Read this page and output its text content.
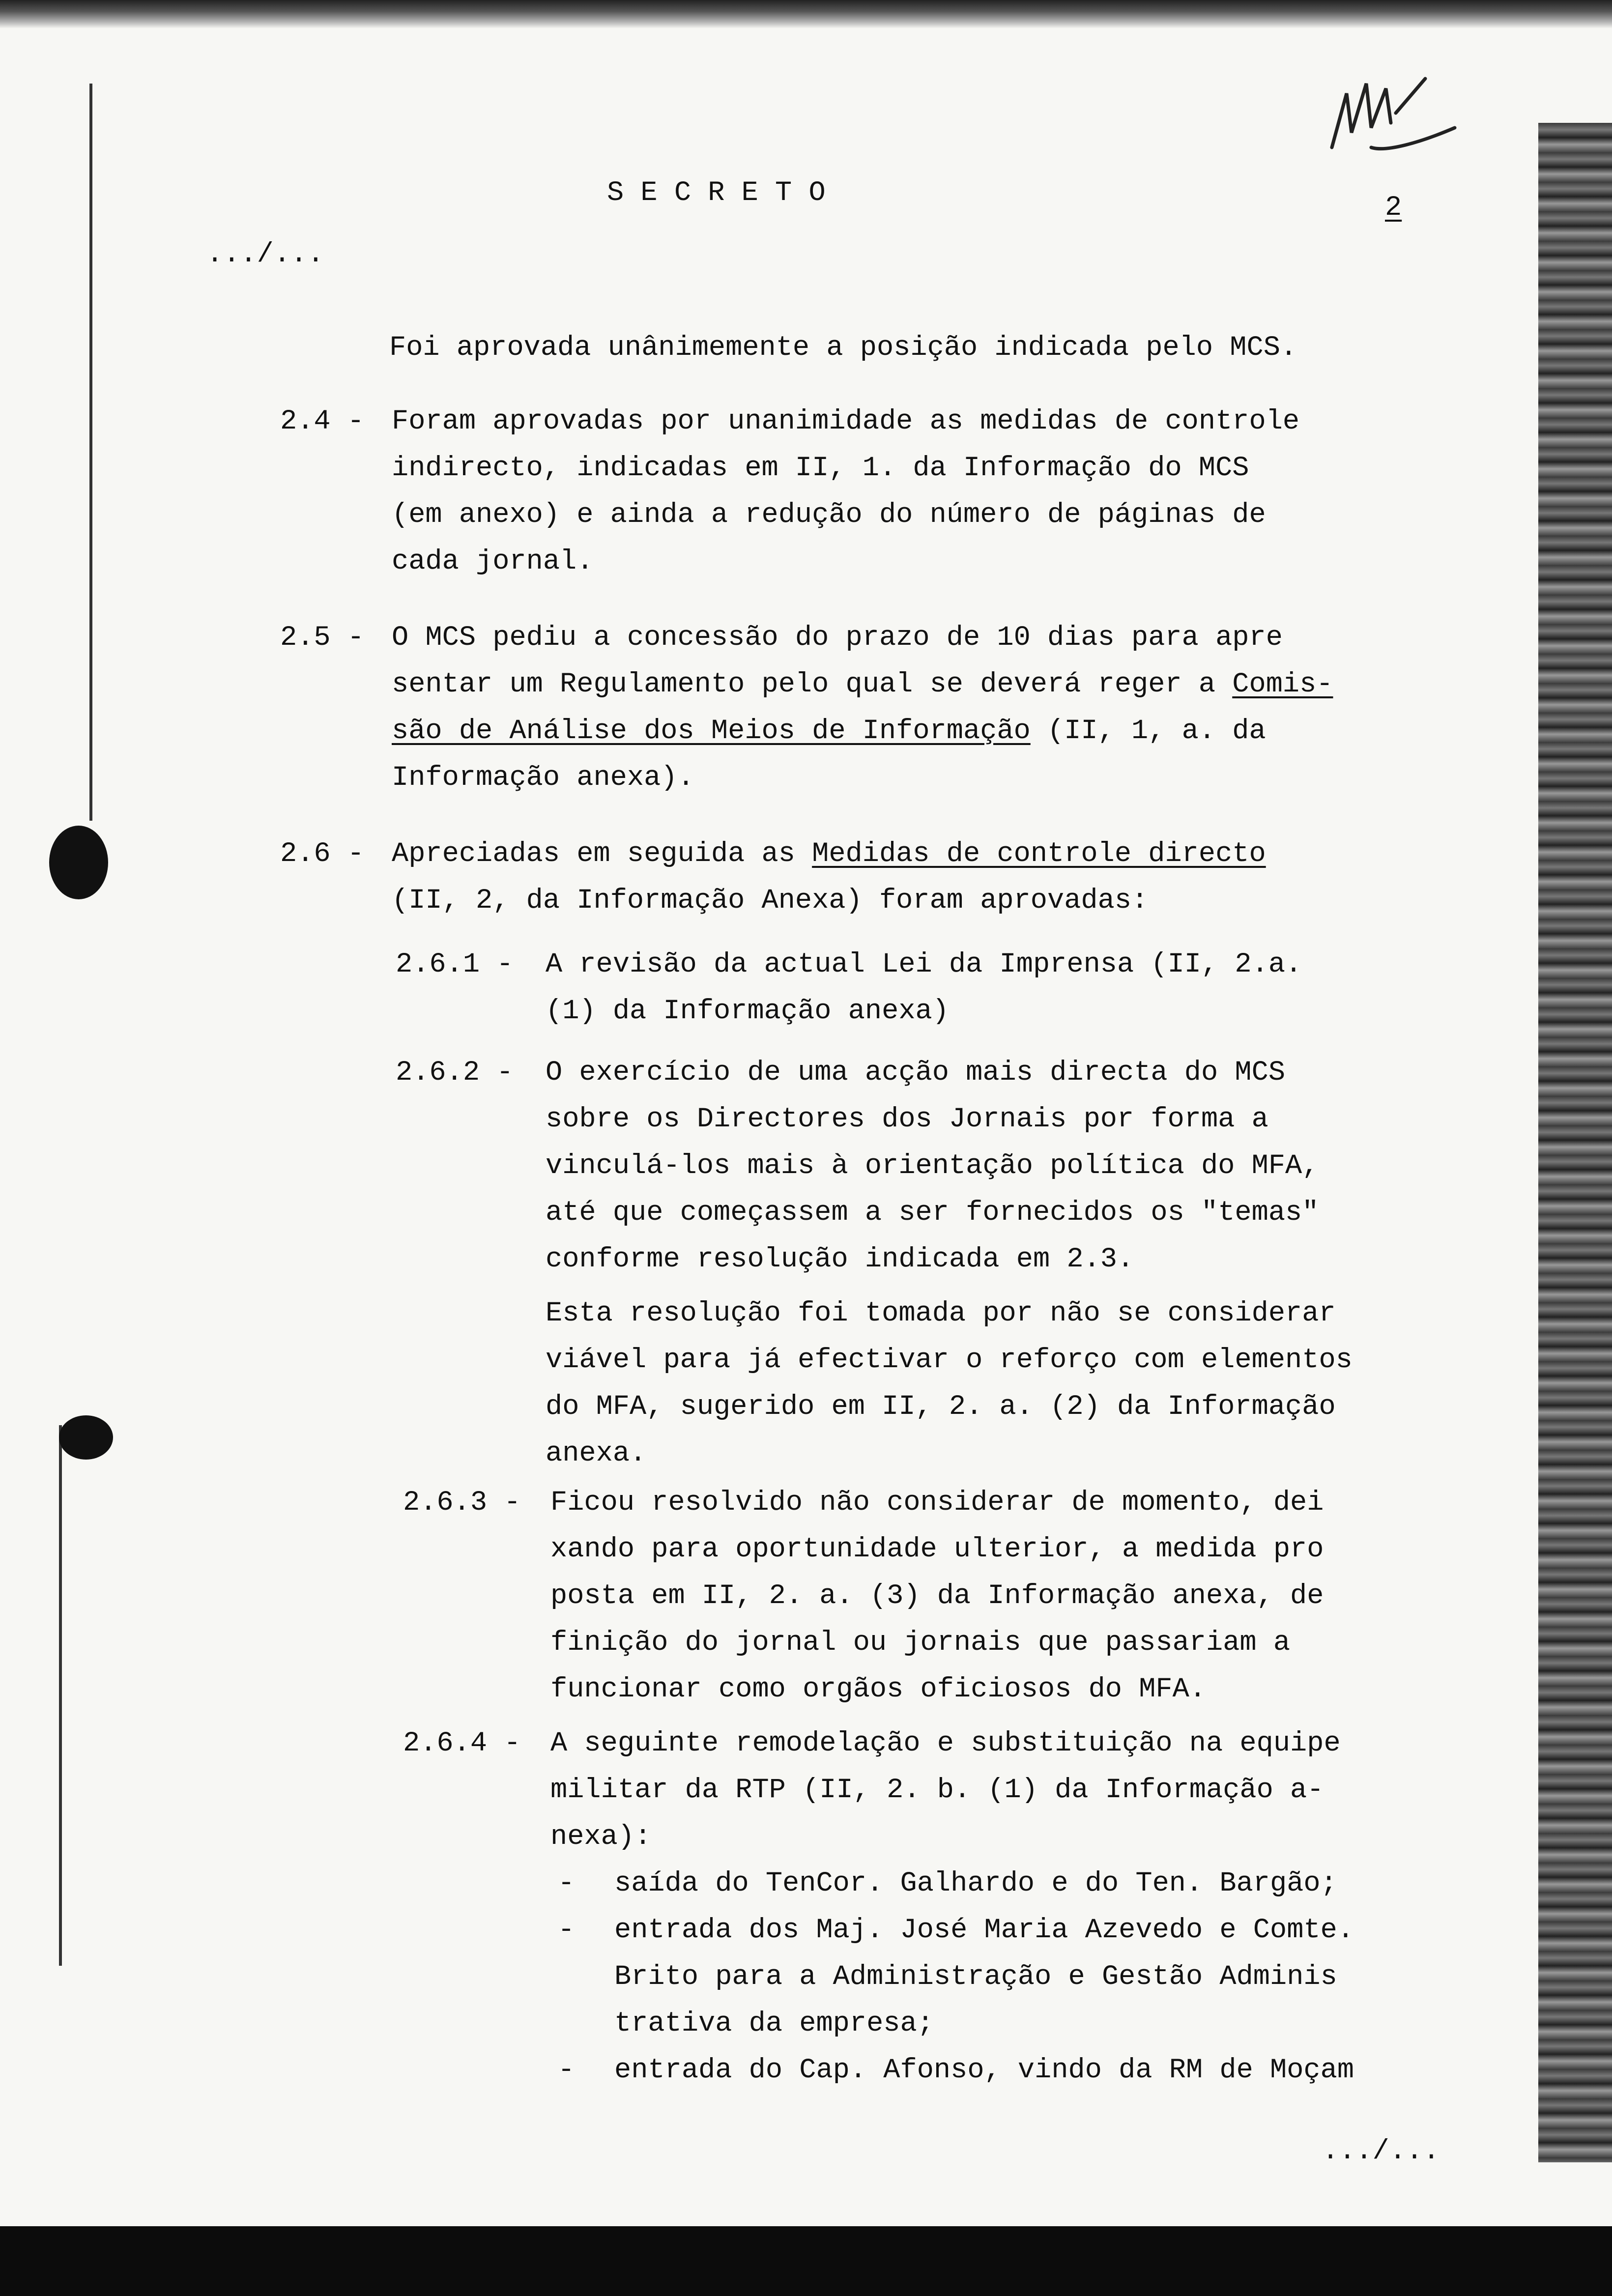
S E C R E T O	2
.../...
Foi aprovada unânimemente a posição indicada pelo MCS.
2.4 - Foram aprovadas por unanimidade as medidas de controle
indirecto, indicadas em II, 1. da Informação do MCS
(em anexo) e ainda a redução do número de páginas de
cada jornal.
2.5 - O MCS pediu a concessão do prazo de 10 dias para apre
sentar um Regulamento pelo qual se deverá reger a Comis-
são de Análise dos Meios de Informação (II, 1, a. da
Informação anexa).
2.6 - Apreciadas em seguida as Medidas de controle directo
(II, 2, da Informação Anexa) foram aprovadas:
2.6.1 - A revisão da actual Lei da Imprensa (II, 2.a.
(1) da Informação anexa)
2.6.2 - O exercício de uma acção mais directa do MCS
sobre os Directores dos Jornais por forma a
vinculá-los mais à orientação política do MFA,
até que começassem a ser fornecidos os "temas"
conforme resolução indicada em 2.3.
Esta resolução foi tomada por não se considerar
viável para já efectivar o reforço com elementos
do MFA, sugerido em II, 2. a. (2) da Informação
anexa.
2.6.3 - Ficou resolvido não considerar de momento, dei
xando para oportunidade ulterior, a medida pro
posta em II, 2. a. (3) da Informação anexa, de
finição do jornal ou jornais que passariam a
funcionar como orgãos oficiosos do MFA.
2.6.4 - A seguinte remodelação e substituição na equipe
militar da RTP (II, 2. b. (1) da Informação a-
nexa):
- saída do TenCor. Galhardo e do Ten. Bargão;
- entrada dos Maj. José Maria Azevedo e Comte.
Brito para a Administração e Gestão Adminis
trativa da empresa;
- entrada do Cap. Afonso, vindo da RM de Moçam
.../...
